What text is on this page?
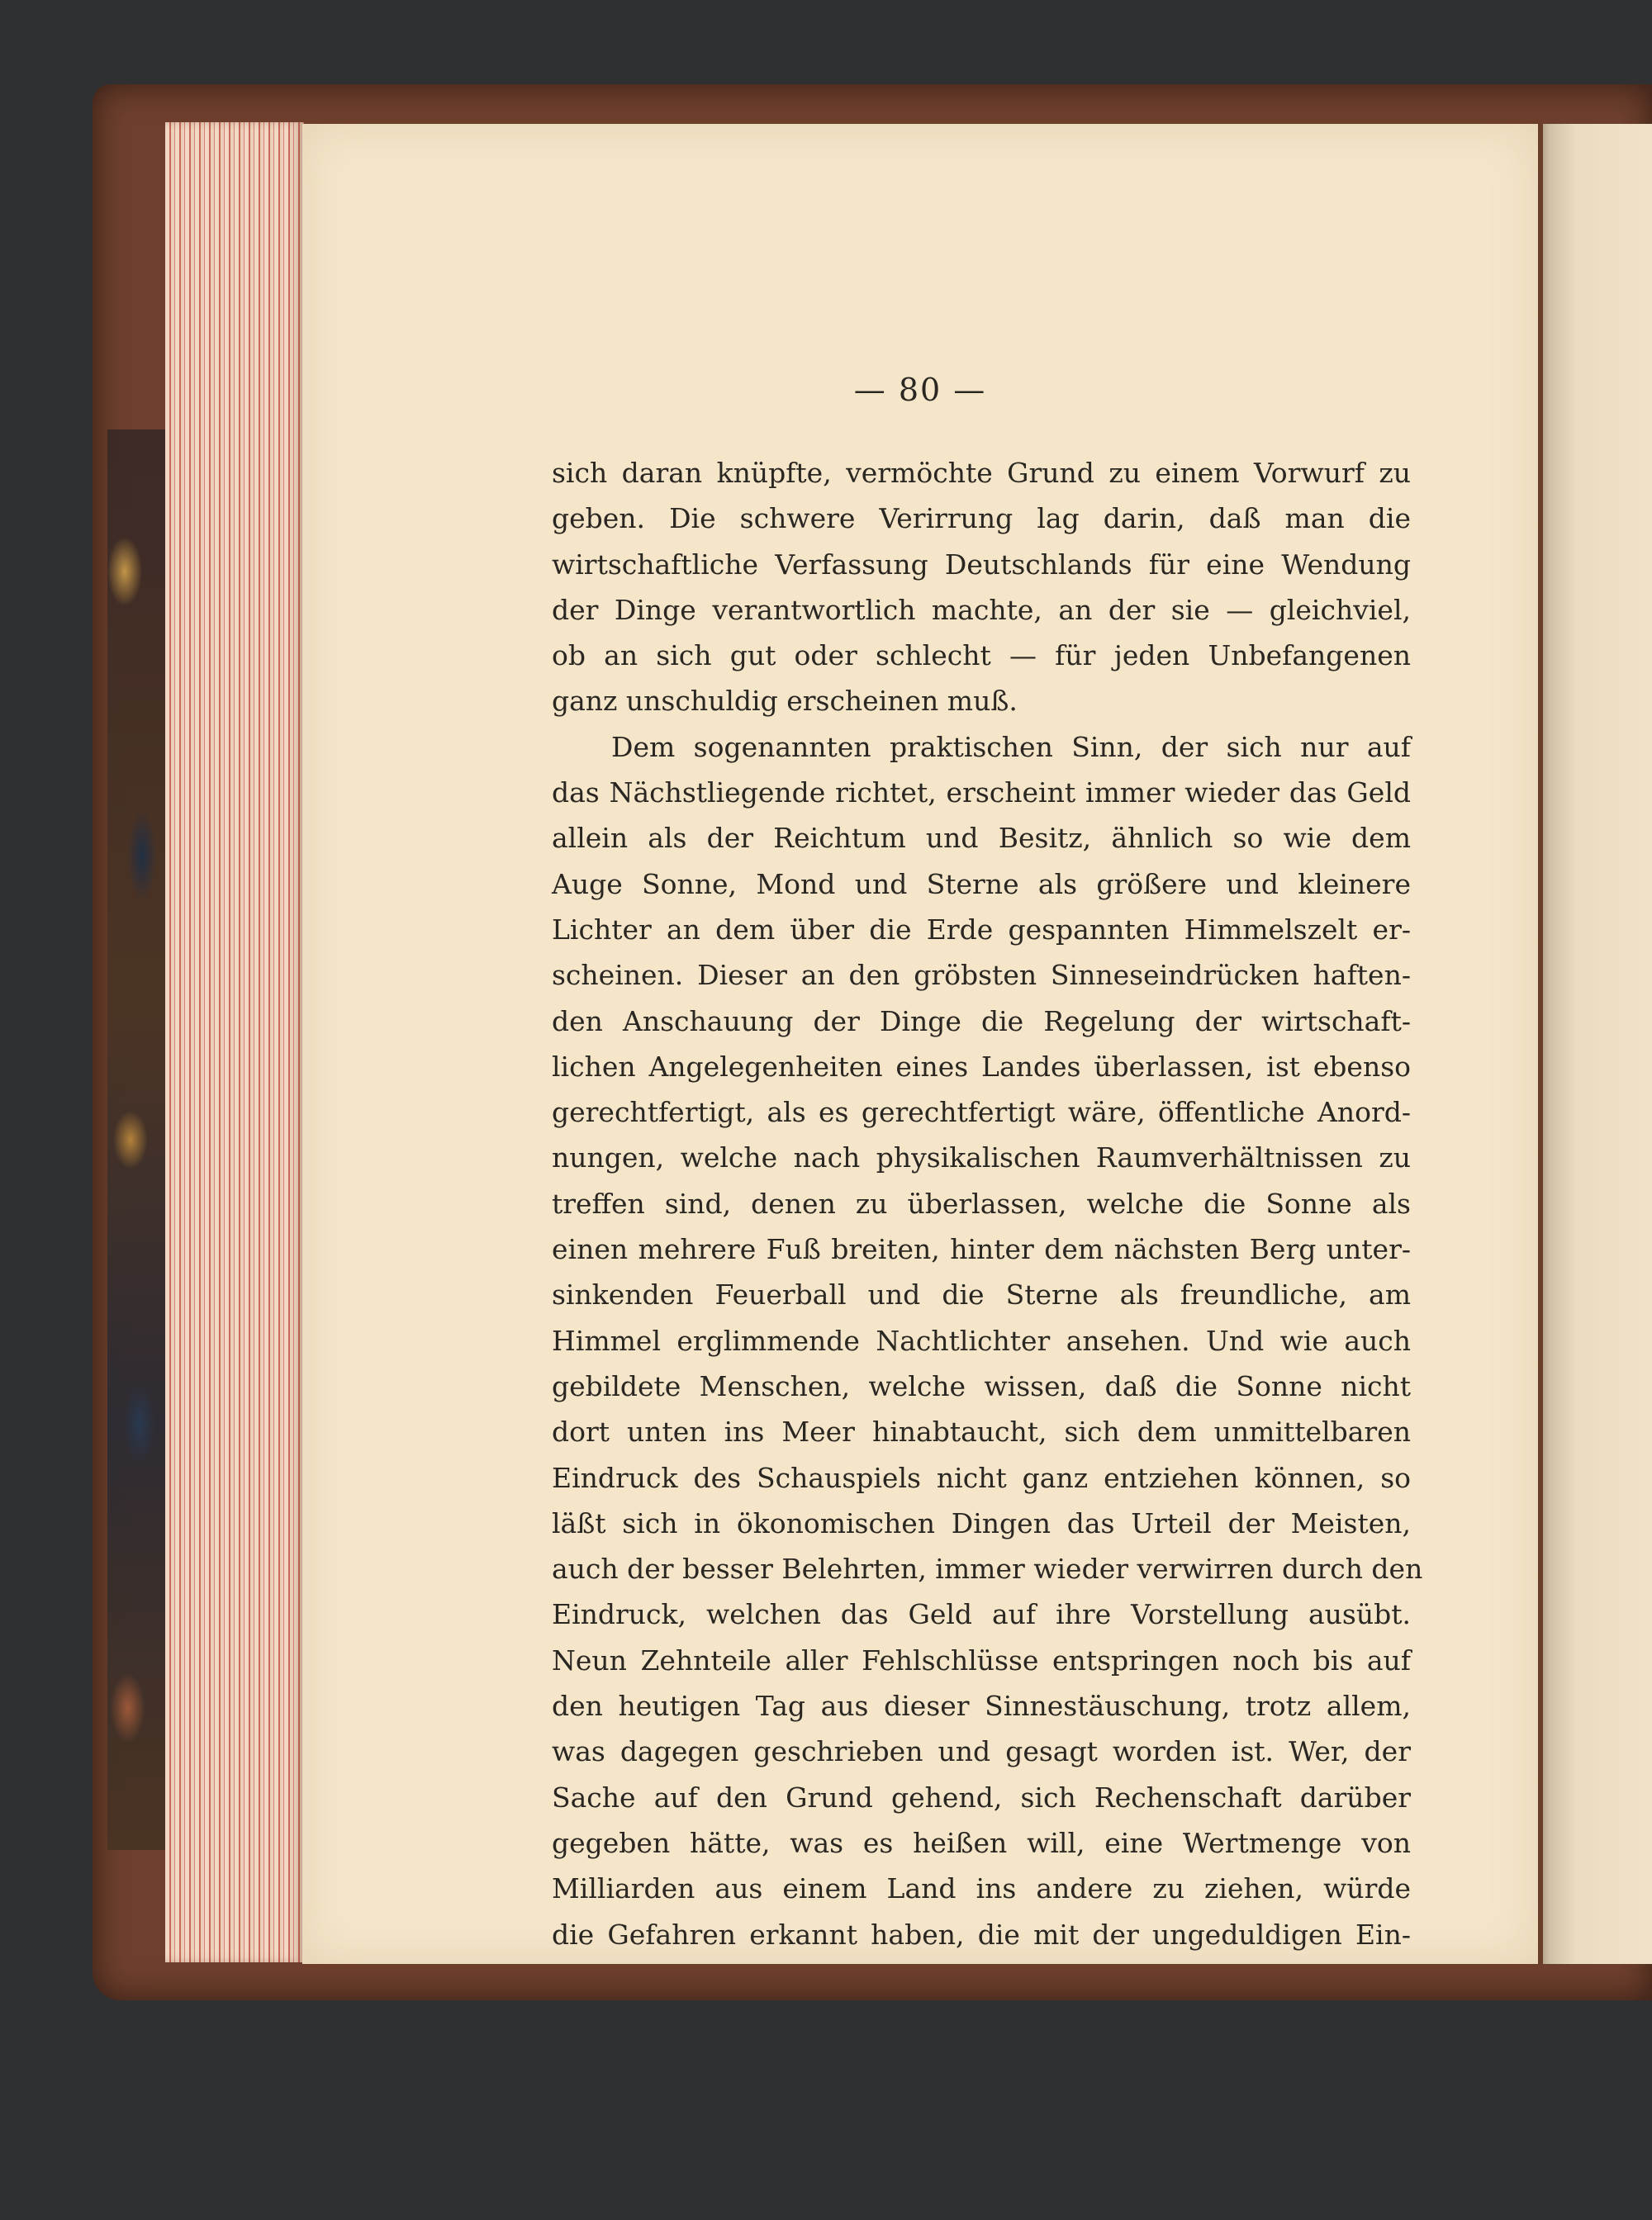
— 80 —

sich daran knüpfte, vermöchte Grund zu einem Vorwurf zu
geben. Die schwere Verirrung lag darin, daß man die
wirtschaftliche Verfassung Deutschlands für eine Wendung
der Dinge verantwortlich machte, an der sie — gleichviel,
ob an sich gut oder schlecht — für jeden Unbefangenen
ganz unschuldig erscheinen muß.
Dem sogenannten praktischen Sinn, der sich nur auf
das Nächstliegende richtet, erscheint immer wieder das Geld
allein als der Reichtum und Besitz, ähnlich so wie dem
Auge Sonne, Mond und Sterne als größere und kleinere
Lichter an dem über die Erde gespannten Himmelszelt er-
scheinen. Dieser an den gröbsten Sinneseindrücken haften-
den Anschauung der Dinge die Regelung der wirtschaft-
lichen Angelegenheiten eines Landes überlassen, ist ebenso
gerechtfertigt, als es gerechtfertigt wäre, öffentliche Anord-
nungen, welche nach physikalischen Raumverhältnissen zu
treffen sind, denen zu überlassen, welche die Sonne als
einen mehrere Fuß breiten, hinter dem nächsten Berg unter-
sinkenden Feuerball und die Sterne als freundliche, am
Himmel erglimmende Nachtlichter ansehen. Und wie auch
gebildete Menschen, welche wissen, daß die Sonne nicht
dort unten ins Meer hinabtaucht, sich dem unmittelbaren
Eindruck des Schauspiels nicht ganz entziehen können, so
läßt sich in ökonomischen Dingen das Urteil der Meisten,
auch der besser Belehrten, immer wieder verwirren durch den
Eindruck, welchen das Geld auf ihre Vorstellung ausübt.
Neun Zehnteile aller Fehlschlüsse entspringen noch bis auf
den heutigen Tag aus dieser Sinnestäuschung, trotz allem,
was dagegen geschrieben und gesagt worden ist. Wer, der
Sache auf den Grund gehend, sich Rechenschaft darüber
gegeben hätte, was es heißen will, eine Wertmenge von
Milliarden aus einem Land ins andere zu ziehen, würde
die Gefahren erkannt haben, die mit der ungeduldigen Ein-
